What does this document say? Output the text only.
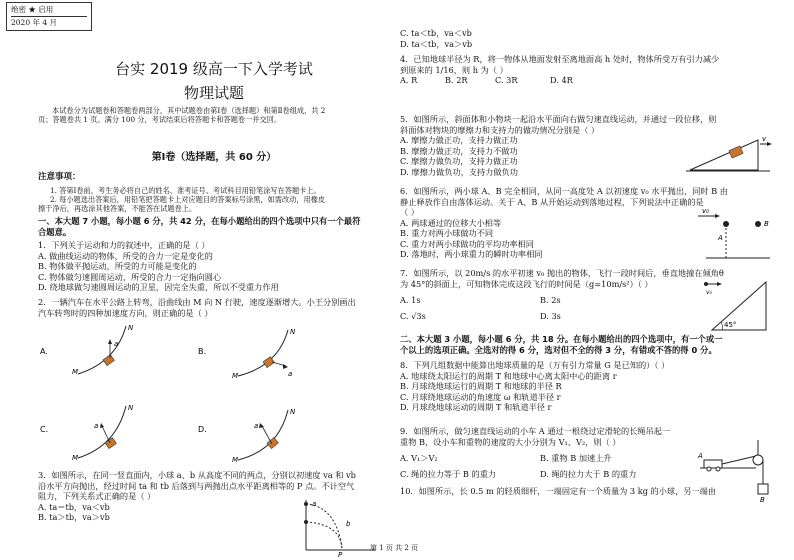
绝密 ★ 启用
2020 年 4 月
台实 2019 级高一下入学考试
物理试题
本试卷分为试题卷和答题卷两部分，其中试题卷由第Ⅰ卷（选择题）和第Ⅱ卷组成，共 2
页；答题卷共 1 页。满分 100 分，考试结束后将答题卡和答题卷一并交回。
第Ⅰ卷（选择题，共 60 分）
注意事项：
1. 答第Ⅰ卷前，考生务必将自己的姓名、准考证号、考试科目用铅笔涂写在答题卡上。
2. 每小题选出答案后，用铅笔把答题卡上对应题目的答案标号涂黑，如需改动，用橡皮
擦干净后，再选涂其他答案，不能答在试题卷上。
一、本大题 7 小题，每小题 6 分，共 42 分，在每小题给出的四个选项中只有一个最符
合题意。
1．下列关于运动和力的叙述中，正确的是（ ）
A. 做曲线运动的物体，所受的合力一定是变化的
B. 物体做平抛运动，所受的力可能是变化的
C. 物体做匀速圆周运动，所受的合力一定指向圆心
D. 绕地球做匀速圆周运动的卫星，因完全失重，所以不受重力作用
2．一辆汽车在水平公路上转弯，沿曲线由 M 向 N 行驶，速度逐渐增大。小王分别画出
汽车转弯时的四种加速度方向，则正确的是（ ）
A.
N
M
a
B.
N
M	a
C.
N
M
a	D.
N
M
a
3．如图所示，在同一竖直面内，小球 a、b 从高度不同的两点，分别以初速度 va 和 vb
沿水平方向抛出，经过时间 ta 和 tb 后落到与两抛出点水平距离相等的 P 点。不计空气
阻力，下列关系式正确的是（ ）
A. ta＝tb，va＜vb
B. ta＞tb，va＞vb
a
b
P
C. ta＜tb，va＜vb
D. ta＜tb，va＞vb
4．已知地球半径为 R，将一物体从地面发射至离地面高 h 处时，物体所受万有引力减少
到原来的 1/16，则 h 为（ ）
A. R	B. 2R	C. 3R	D. 4R
5．如图所示，斜面体和小物块一起沿水平面向右做匀速直线运动，并通过一段位移，则
斜面体对物块的摩擦力和支持力的做功情况分别是（ ）
A. 摩擦力做正功，支持力做正功
B. 摩擦力做正功，支持力不做功
C. 摩擦力做负功，支持力做正功
D. 摩擦力做负功，支持力做负功
v
6．如图所示，两小球 A、B 完全相同，从同一高度处 A 以初速度 v₀ 水平抛出，同时 B 由
静止释放作自由落体运动。关于 A、B 从开始运动到落地过程，下列说法中正确的是
（ ）
A. 两球通过的位移大小相等
B. 重力对两小球做功不同
C. 重力对两小球做功的平均功率相同
D. 落地时，两小球重力的瞬时功率相同
v₀
A
B
7．如图所示，以 20m/s 的水平初速 v₀ 抛出的物体，飞行一段时间后，垂直地撞在倾角θ
为 45°的斜面上，可知物体完成这段飞行的时间是（g=10m/s²）（ ）
A. 1s	B. 2s
C. √3s	D. 3s
v₀
45°
二、本大题 3 小题，每小题 6 分，共 18 分。在每小题给出的四个选项中，有一个或一
个以上的选项正确。全选对的得 6 分，选对但不全的得 3 分，有错或不答的得 0 分。
8．下列几组数据中能算出地球质量的是（万有引力常量 G 是已知的）（ ）
A. 地球绕太阳运行的周期 T 和地球中心离太阳中心的距离 r
B. 月球绕地球运行的周期 T 和地球的半径 R
C. 月球绕地球运动的角速度 ω 和轨道半径 r
D. 月球绕地球运动的周期 T 和轨道半径 r
9．如图所示，做匀速直线运动的小车 A 通过一根绕过定滑轮的长绳吊起一
重物 B，设小车和重物的速度的大小分别为 V₁、V₂，则（ ）
A. V₁＞V₂	B. 重物 B 加速上升
C. 绳的拉力等于 B 的重力	D. 绳的拉力大于 B 的重力
A
B
10．如图所示，长 0.5 m 的轻质细杆，一端固定有一个质量为 3 kg 的小球，另一端由
第 1 页 共 2 页
